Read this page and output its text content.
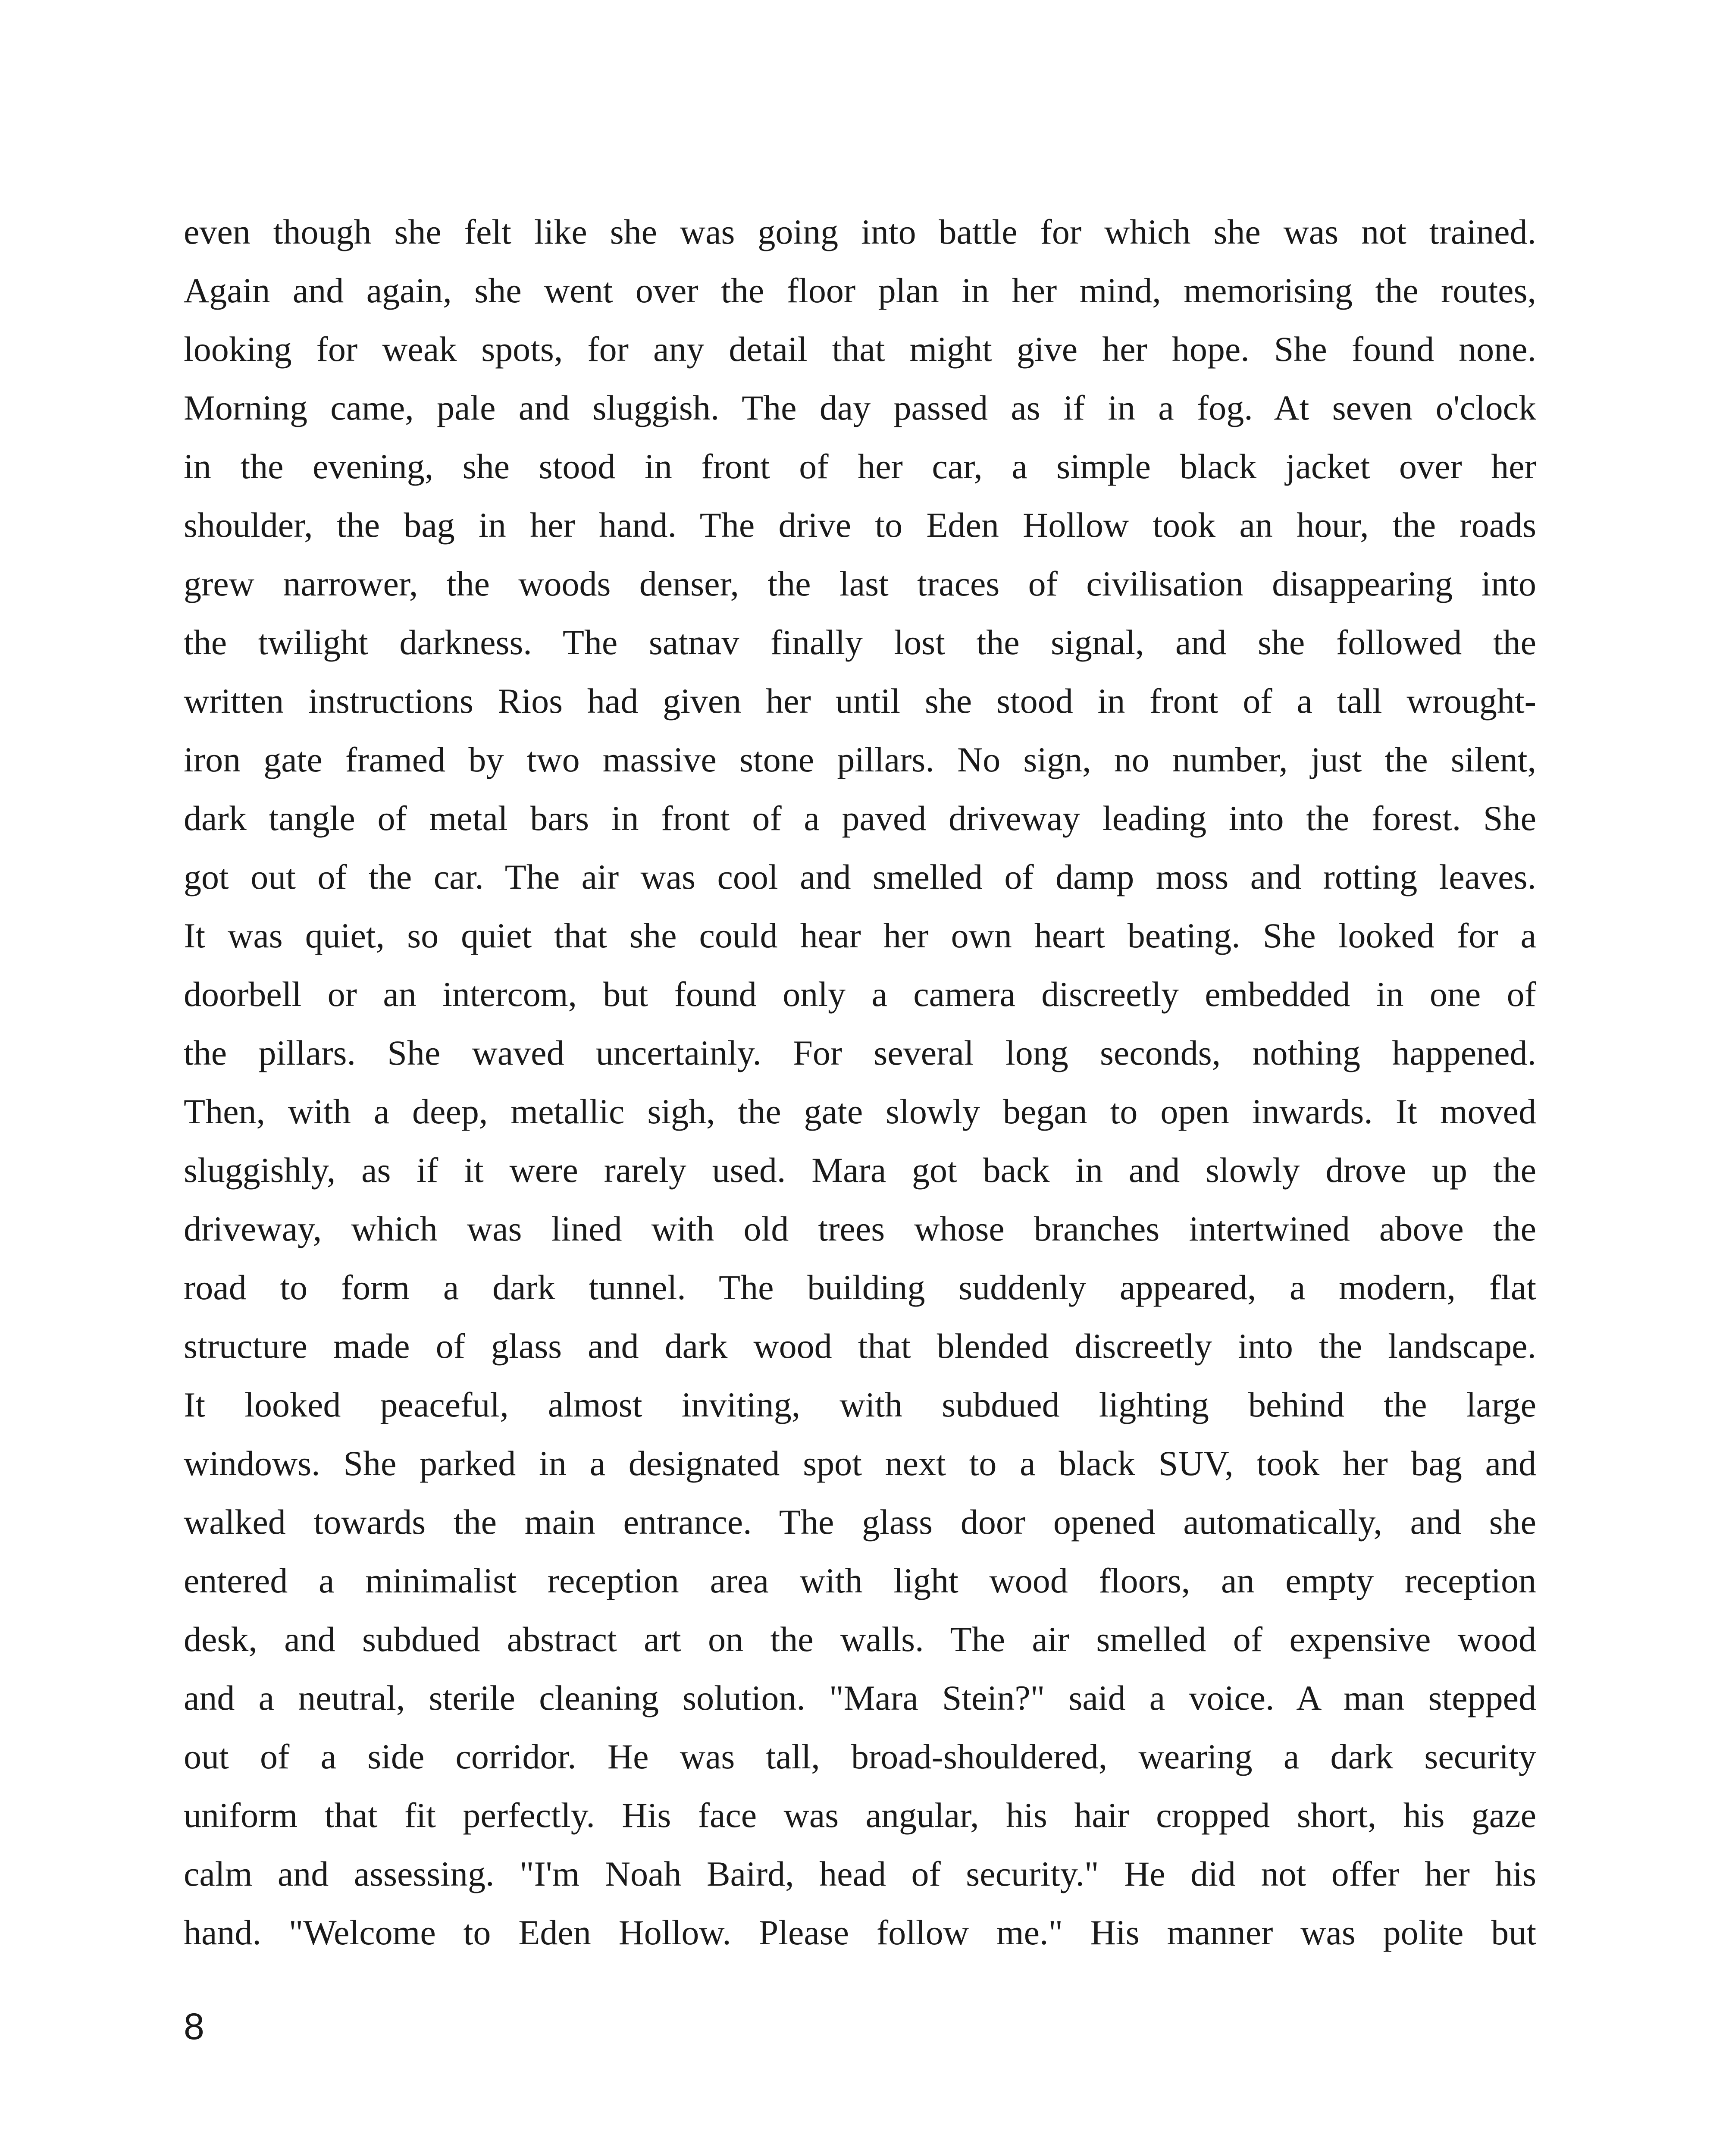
even though she felt like she was going into battle for which she was not trained.
Again and again, she went over the floor plan in her mind, memorising the routes,
looking for weak spots, for any detail that might give her hope. She found none.
Morning came, pale and sluggish. The day passed as if in a fog. At seven o'clock
in the evening, she stood in front of her car, a simple black jacket over her
shoulder, the bag in her hand. The drive to Eden Hollow took an hour, the roads
grew narrower, the woods denser, the last traces of civilisation disappearing into
the twilight darkness. The satnav finally lost the signal, and she followed the
written instructions Rios had given her until she stood in front of a tall wrought-
iron gate framed by two massive stone pillars. No sign, no number, just the silent,
dark tangle of metal bars in front of a paved driveway leading into the forest. She
got out of the car. The air was cool and smelled of damp moss and rotting leaves.
It was quiet, so quiet that she could hear her own heart beating. She looked for a
doorbell or an intercom, but found only a camera discreetly embedded in one of
the pillars. She waved uncertainly. For several long seconds, nothing happened.
Then, with a deep, metallic sigh, the gate slowly began to open inwards. It moved
sluggishly, as if it were rarely used. Mara got back in and slowly drove up the
driveway, which was lined with old trees whose branches intertwined above the
road to form a dark tunnel. The building suddenly appeared, a modern, flat
structure made of glass and dark wood that blended discreetly into the landscape.
It looked peaceful, almost inviting, with subdued lighting behind the large
windows. She parked in a designated spot next to a black SUV, took her bag and
walked towards the main entrance. The glass door opened automatically, and she
entered a minimalist reception area with light wood floors, an empty reception
desk, and subdued abstract art on the walls. The air smelled of expensive wood
and a neutral, sterile cleaning solution. "Mara Stein?" said a voice. A man stepped
out of a side corridor. He was tall, broad-shouldered, wearing a dark security
uniform that fit perfectly. His face was angular, his hair cropped short, his gaze
calm and assessing. "I'm Noah Baird, head of security." He did not offer her his
hand. "Welcome to Eden Hollow. Please follow me." His manner was polite but
8
